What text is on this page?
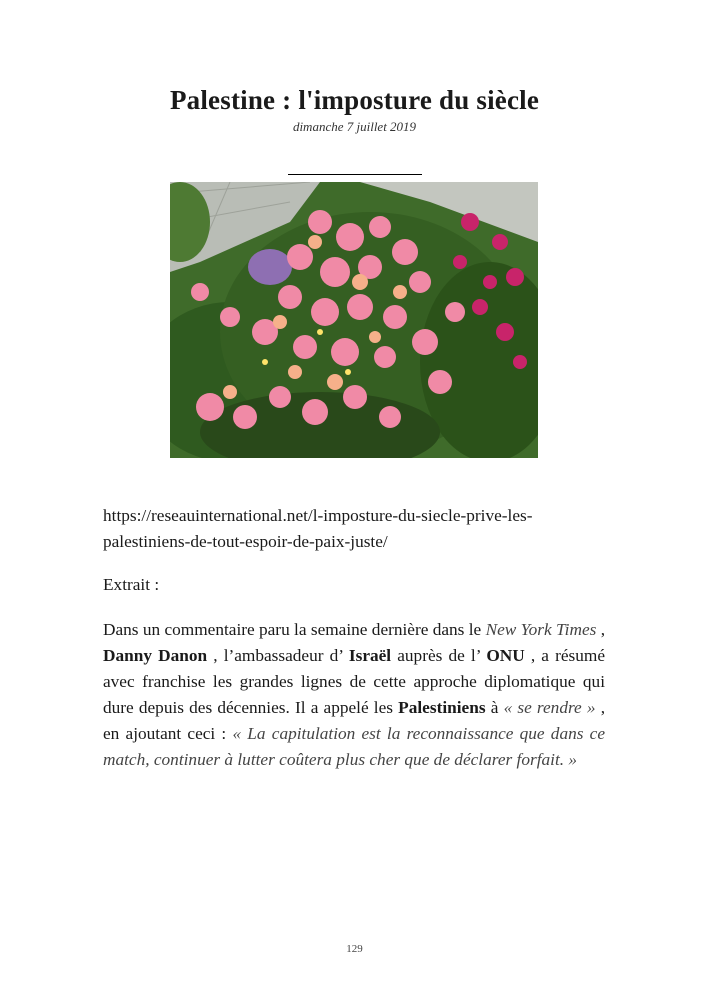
Palestine : l'imposture du siècle
dimanche 7 juillet 2019
https://reseauinternational.net/l-imposture-du-siecle-prive-les-
palestiniens-de-tout-espoir-de-paix-juste/
Extrait :
Dans un commentaire paru la semaine dernière dans le New York Times , Danny Danon , l’ambassadeur d’ Israël auprès de l’ ONU , a résumé avec franchise les grandes lignes de cette approche diplomatique qui dure depuis des décennies. Il a appelé les Palestiniens à « se rendre » , en ajoutant ceci : « La capitulation est la reconnaissance que dans ce match, continuer à lutter coûtera plus cher que de déclarer forfait. »
129
